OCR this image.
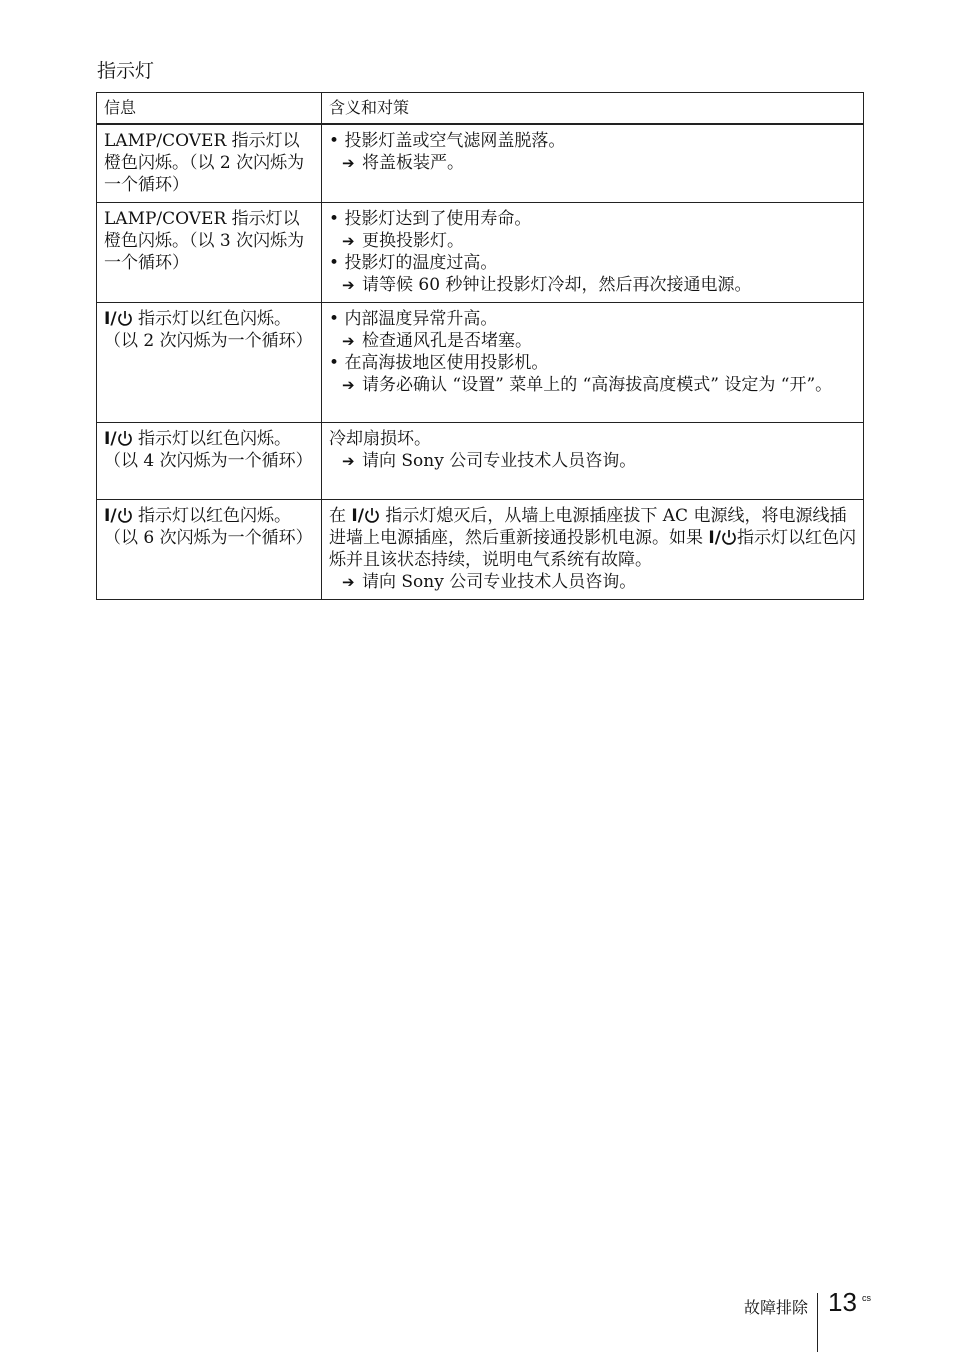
指示灯
信息	含义和对策
LAMP/COVER 指示灯以橙色闪烁。（以 2 次闪烁为一个循环）	• 投影灯盖或空气滤网盖脱落。
➔ 将盖板装严。

LAMP/COVER 指示灯以橙色闪烁。（以 3 次闪烁为一个循环）	• 投影灯达到了使用寿命。
➔ 更换投影灯。
• 投影灯的温度过高。
➔ 请等候 60 秒钟让投影灯冷却，然后再次接通电源。

I/ 指示灯以红色闪烁。（以 2 次闪烁为一个循环）	• 内部温度异常升高。
➔ 检查通风孔是否堵塞。
• 在高海拔地区使用投影机。
➔ 请务必确认 “设置” 菜单上的 “高海拔高度模式” 设定为 “开”。

I/ 指示灯以红色闪烁。（以 4 次闪烁为一个循环）	冷却扇损坏。
➔ 请向 Sony 公司专业技术人员咨询。

I/ 指示灯以红色闪烁。（以 6 次闪烁为一个循环）	在 I/ 指示灯熄灭后，从墙上电源插座拔下 AC 电源线，将电源线插进墙上电源插座，然后重新接通投影机电源。如果 I/ 指示灯以红色闪烁并且该状态持续，说明电气系统有故障。
➔ 请向 Sony 公司专业技术人员咨询。
故障排除 13 cs
